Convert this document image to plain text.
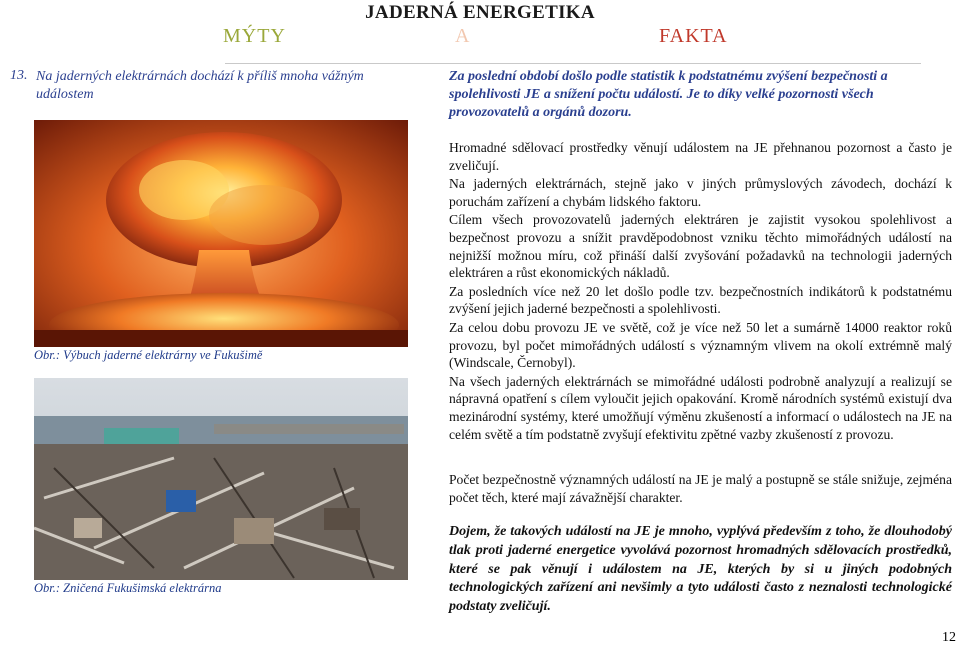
JADERNÁ ENERGETIKA
MÝTY	A	FAKTA
13. Na jaderných elektrárnách dochází k příliš mnoha vážným událostem
Za poslední období došlo podle statistik k podstatnému zvýšení bezpečnosti a spolehlivosti JE a snížení počtu událostí. Je to díky velké pozornosti všech provozovatelů a orgánů dozoru.
Obr.: Výbuch jaderné elektrárny ve Fukušimě
Obr.: Zničená Fukušimská elektrárna

Hromadné sdělovací prostředky věnují událostem na JE přehnanou pozornost a často je zveličují.

Na jaderných elektrárnách, stejně jako v jiných průmyslových závodech, dochází k poruchám zařízení a chybám lidského faktoru.

Cílem všech provozovatelů jaderných elektráren je zajistit vysokou spolehlivost a bezpečnost provozu a snížit pravděpodobnost vzniku těchto mimořádných událostí na nejnižší možnou míru, což přináší další zvyšování požadavků na technologii jaderných elektráren a růst ekonomických nákladů.

Za posledních více než 20 let došlo podle tzv. bezpečnostních indikátorů k podstatnému zvýšení jejich jaderné bezpečnosti a spolehlivosti.

Za celou dobu provozu JE ve světě, což je více než 50 let a sumárně 14000 reaktor roků provozu, byl počet mimořádných událostí s významným vlivem na okolí extrémně malý (Windscale, Černobyl).

Na všech jaderných elektrárnách se mimořádné události podrobně analyzují a realizují se nápravná opatření s cílem vyloučit jejich opakování. Kromě národních systémů existují dva mezinárodní systémy, které umožňují výměnu zkušeností a informací o událostech na JE na celém světě a tím podstatně zvyšují efektivitu zpětné vazby zkušeností z provozu.

Počet bezpečnostně významných událostí na JE je malý a postupně se stále snižuje, zejména počet těch, které mají závažnější charakter.
Dojem, že takových událostí na JE je mnoho, vyplývá především z toho, že dlouhodobý tlak proti jaderné energetice vyvolává pozornost hromadných sdělovacích prostředků, které se pak věnují i událostem na JE, kterých by si u jiných podobných technologických zařízení ani nevšimly a tyto události často z neznalosti technologické podstaty zveličují.
12
